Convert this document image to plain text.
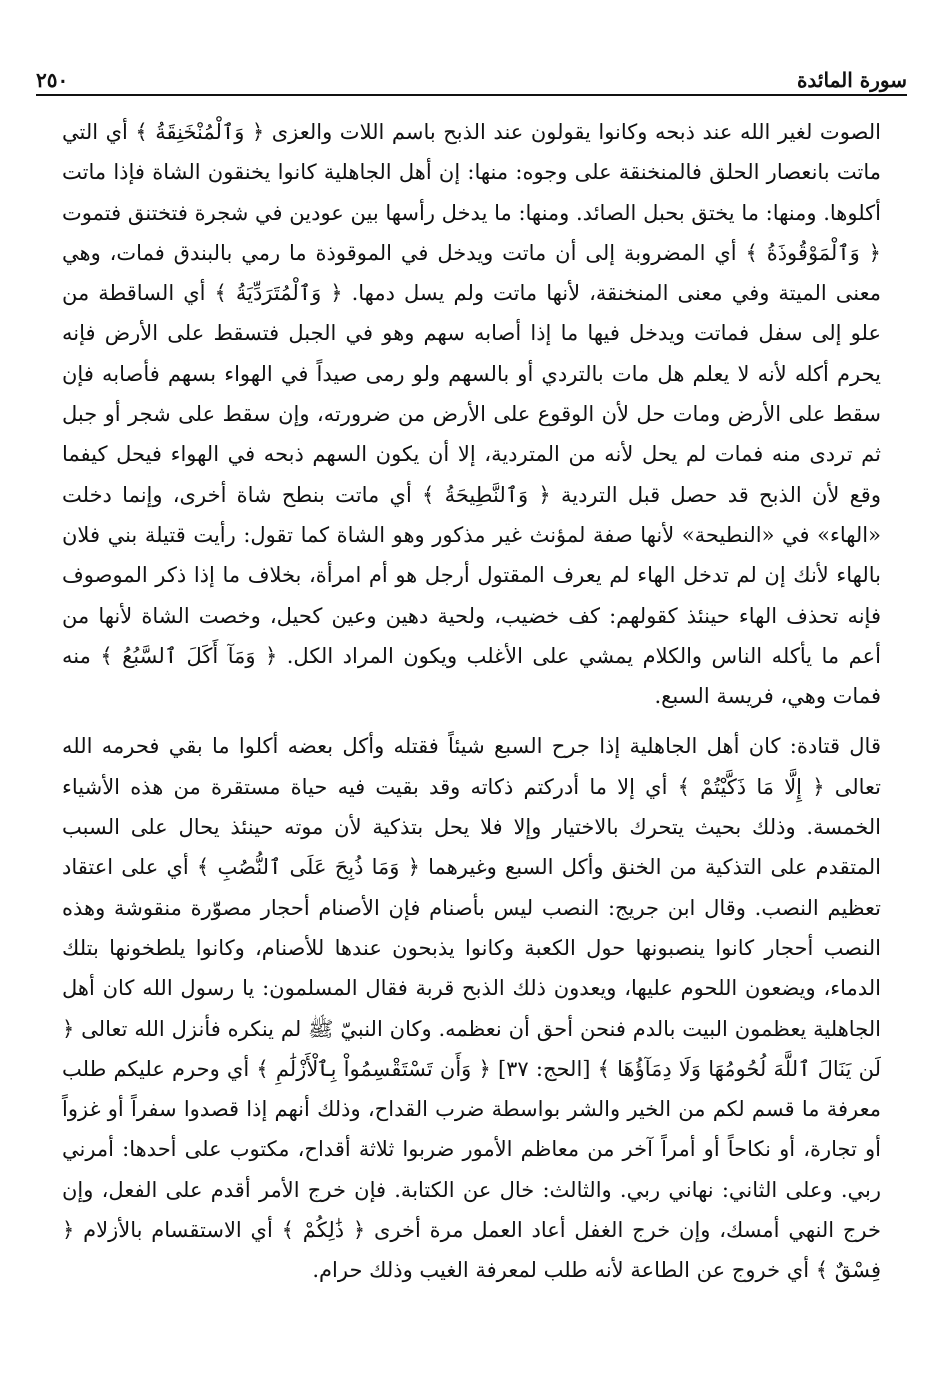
٢٥٠	سورة المائدة

الصوت لغير الله عند ذبحه وكانوا يقولون عند الذبح باسم اللات والعزى ﴿ وَٱلْمُنْخَنِقَةُ ﴾ أي التي ماتت بانعصار الحلق فالمنخنقة على وجوه: منها: إن أهل الجاهلية كانوا يخنقون الشاة فإذا ماتت أكلوها. ومنها: ما يختق بحبل الصائد. ومنها: ما يدخل رأسها بين عودين في شجرة فتختنق فتموت ﴿ وَٱلْمَوْقُوذَةُ ﴾ أي المضروبة إلى أن ماتت ويدخل في الموقوذة ما رمي بالبندق فمات، وهي معنى الميتة وفي معنى المنخنقة، لأنها ماتت ولم يسل دمها. ﴿ وَٱلْمُتَرَدِّيَةُ ﴾ أي الساقطة من علو إلى سفل فماتت ويدخل فيها ما إذا أصابه سهم وهو في الجبل فتسقط على الأرض فإنه يحرم أكله لأنه لا يعلم هل مات بالتردي أو بالسهم ولو رمى صيداً في الهواء بسهم فأصابه فإن سقط على الأرض ومات حل لأن الوقوع على الأرض من ضرورته، وإن سقط على شجر أو جبل ثم تردى منه فمات لم يحل لأنه من المتردية، إلا أن يكون السهم ذبحه في الهواء فيحل كيفما وقع لأن الذبح قد حصل قبل التردية ﴿ وَٱلنَّطِيحَةُ ﴾ أي ماتت بنطح شاة أخرى، وإنما دخلت «الهاء» في «النطيحة» لأنها صفة لمؤنث غير مذكور وهو الشاة كما تقول: رأيت قتيلة بني فلان بالهاء لأنك إن لم تدخل الهاء لم يعرف المقتول أرجل هو أم امرأة، بخلاف ما إذا ذكر الموصوف فإنه تحذف الهاء حينئذ كقولهم: كف خضيب، ولحية دهين وعين كحيل، وخصت الشاة لأنها من أعم ما يأكله الناس والكلام يمشي على الأغلب ويكون المراد الكل. ﴿ وَمَآ أَكَلَ ٱلسَّبُعُ ﴾ منه فمات وهي، فريسة السبع.

قال قتادة: كان أهل الجاهلية إذا جرح السبع شيئاً فقتله وأكل بعضه أكلوا ما بقي فحرمه الله تعالى ﴿ إِلَّا مَا ذَكَّيْتُمْ ﴾ أي إلا ما أدركتم ذكاته وقد بقيت فيه حياة مستقرة من هذه الأشياء الخمسة. وذلك بحيث يتحرك بالاختيار وإلا فلا يحل بتذكية لأن موته حينئذ يحال على السبب المتقدم على التذكية من الخنق وأكل السبع وغيرهما ﴿ وَمَا ذُبِحَ عَلَى ٱلنُّصُبِ ﴾ أي على اعتقاد تعظيم النصب. وقال ابن جريج: النصب ليس بأصنام فإن الأصنام أحجار مصوّرة منقوشة وهذه النصب أحجار كانوا ينصبونها حول الكعبة وكانوا يذبحون عندها للأصنام، وكانوا يلطخونها بتلك الدماء، ويضعون اللحوم عليها، ويعدون ذلك الذبح قربة فقال المسلمون: يا رسول الله كان أهل الجاهلية يعظمون البيت بالدم فنحن أحق أن نعظمه. وكان النبيّ ﷺ لم ينكره فأنزل الله تعالى ﴿ لَن يَنَالَ ٱللَّهَ لُحُومُهَا وَلَا دِمَآؤُهَا ﴾ [الحج: ٣٧] ﴿ وَأَن تَسْتَقْسِمُواْ بِٱلْأَزْلَٰمِ ﴾ أي وحرم عليكم طلب معرفة ما قسم لكم من الخير والشر بواسطة ضرب القداح، وذلك أنهم إذا قصدوا سفراً أو غزواً أو تجارة، أو نكاحاً أو أمراً آخر من معاظم الأمور ضربوا ثلاثة أقداح، مكتوب على أحدها: أمرني ربي. وعلى الثاني: نهاني ربي. والثالث: خال عن الكتابة. فإن خرج الأمر أقدم على الفعل، وإن خرج النهي أمسك، وإن خرج الغفل أعاد العمل مرة أخرى ﴿ ذَٰلِكُمْ ﴾ أي الاستقسام بالأزلام ﴿ فِسْقٌ ﴾ أي خروج عن الطاعة لأنه طلب لمعرفة الغيب وذلك حرام.
